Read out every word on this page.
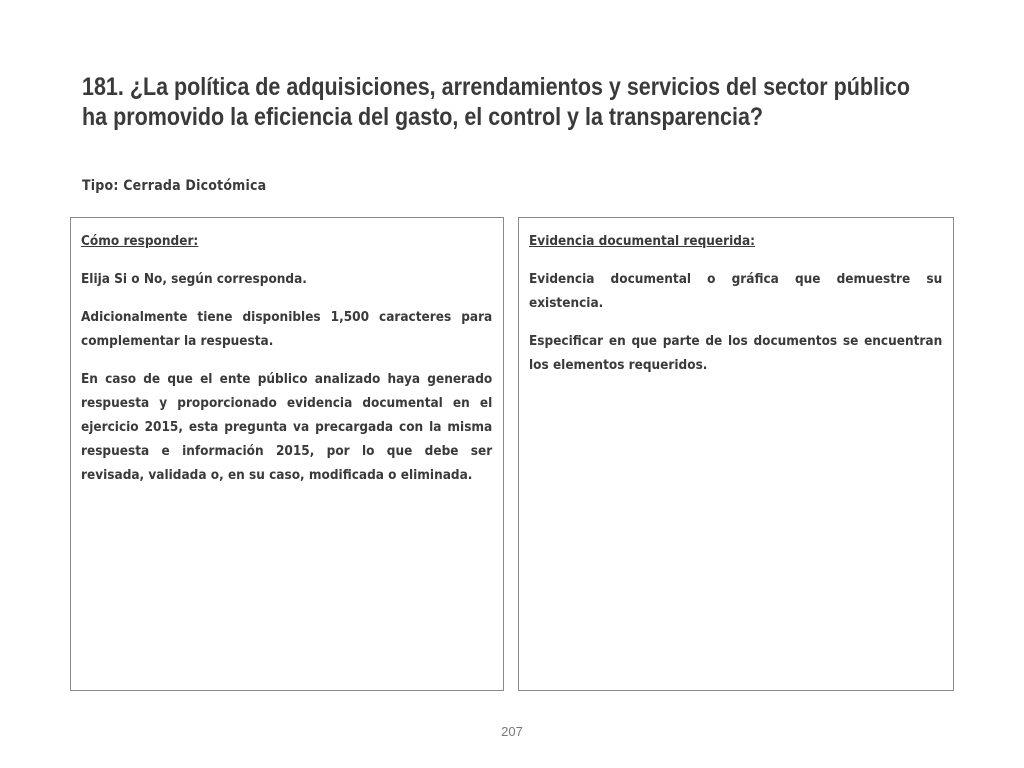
181. ¿La política de adquisiciones, arrendamientos y servicios del sector público
ha promovido la eficiencia del gasto, el control y la transparencia?
Tipo: Cerrada Dicotómica
Cómo responder:

Elija Si o No, según corresponda.

Adicionalmente tiene disponibles 1,500 caracteres para complementar la respuesta.

En caso de que el ente público analizado haya generado respuesta y proporcionado evidencia documental en el ejercicio 2015, esta pregunta va precargada con la misma respuesta e información 2015, por lo que debe ser revisada, validada o, en su caso, modificada o eliminada.

Evidencia documental requerida:

Evidencia documental o gráfica que demuestre su existencia.

Especificar en que parte de los documentos se encuentran los elementos requeridos.

207
